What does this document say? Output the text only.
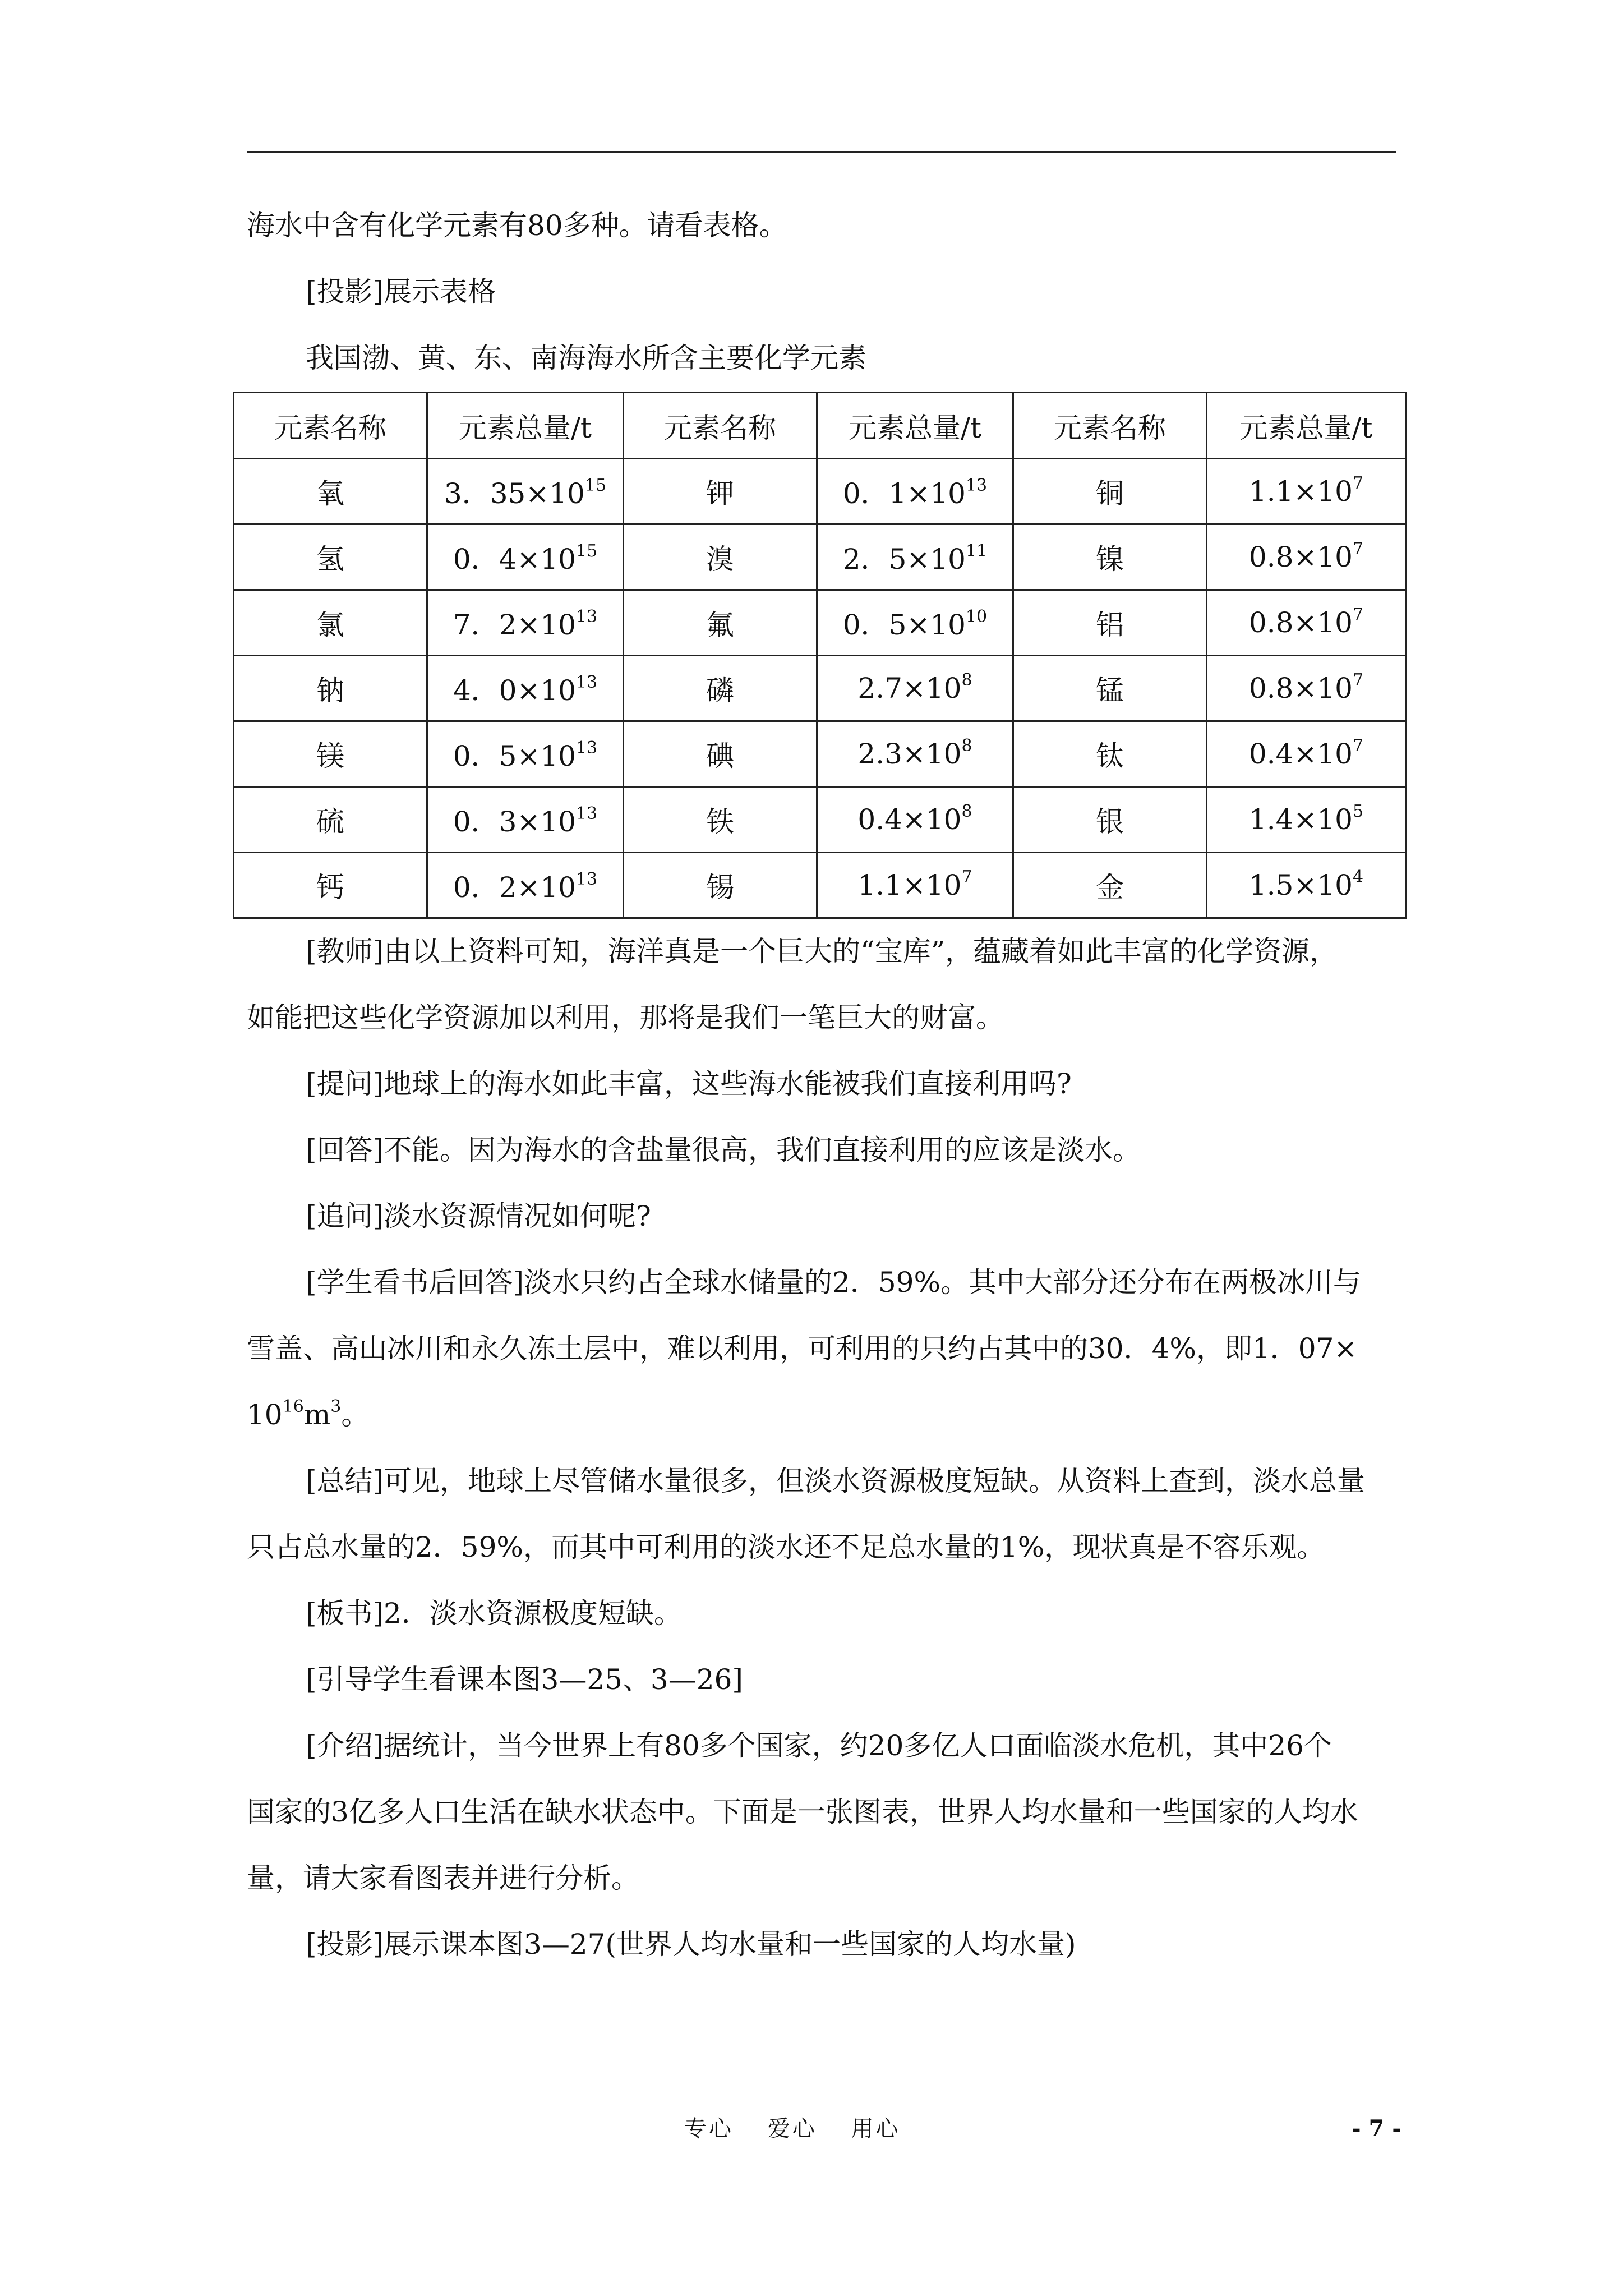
海水中含有化学元素有80多种。请看表格。
[投影]展示表格
我国渤、黄、东、南海海水所含主要化学元素
元素名称	元素总量/t	元素名称	元素总量/t	元素名称	元素总量/t
氧	3．$35\times 10^{15}$	钾	0．$1\times 10^{13}$	铜	$1.1\times 10^7$
氢	0．$4\times 10^{15}$	溴	2．$5\times 10^{11}$	镍	$0.8\times 10^7$
氯	7．$2\times 10^{13}$	氟	0．$5\times 10^{10}$	铝	$0.8\times 10^7$
钠	4．$0\times 10^{13}$	磷	$2.7\times 10^8$	锰	$0.8\times 10^7$
镁	0．$5\times 10^{13}$	碘	$2.3\times 10^8$	钛	$0.4\times 10^7$
硫	0．$3\times 10^{13}$	铁	$0.4\times 10^8$	银	$1.4\times 10^5$
钙	0．$2\times 10^{13}$	锡	$1.1\times 10^7$	金	$1.5\times 10^4$
[教师]由以上资料可知，海洋真是一个巨大的“宝库”，蕴藏着如此丰富的化学资源，
如能把这些化学资源加以利用，那将是我们一笔巨大的财富。
[提问]地球上的海水如此丰富，这些海水能被我们直接利用吗?
[回答]不能。因为海水的含盐量很高，我们直接利用的应该是淡水。
[追问]淡水资源情况如何呢?
[学生看书后回答]淡水只约占全球水储量的2．59%。其中大部分还分布在两极冰川与
雪盖、高山冰川和永久冻土层中，难以利用，可利用的只约占其中的30．4%，即1．07×
$10^{16}m^3$。
[总结]可见，地球上尽管储水量很多，但淡水资源极度短缺。从资料上查到，淡水总量
只占总水量的2．59%，而其中可利用的淡水还不足总水量的1%，现状真是不容乐观。
[板书]2．淡水资源极度短缺。
[引导学生看课本图3—25、3—26]
[介绍]据统计，当今世界上有80多个国家，约20多亿人口面临淡水危机，其中26个
国家的3亿多人口生活在缺水状态中。下面是一张图表，世界人均水量和一些国家的人均水
量，请大家看图表并进行分析。
[投影]展示课本图3—27(世界人均水量和一些国家的人均水量)
专心　 爱心　 用心	- 7 -
